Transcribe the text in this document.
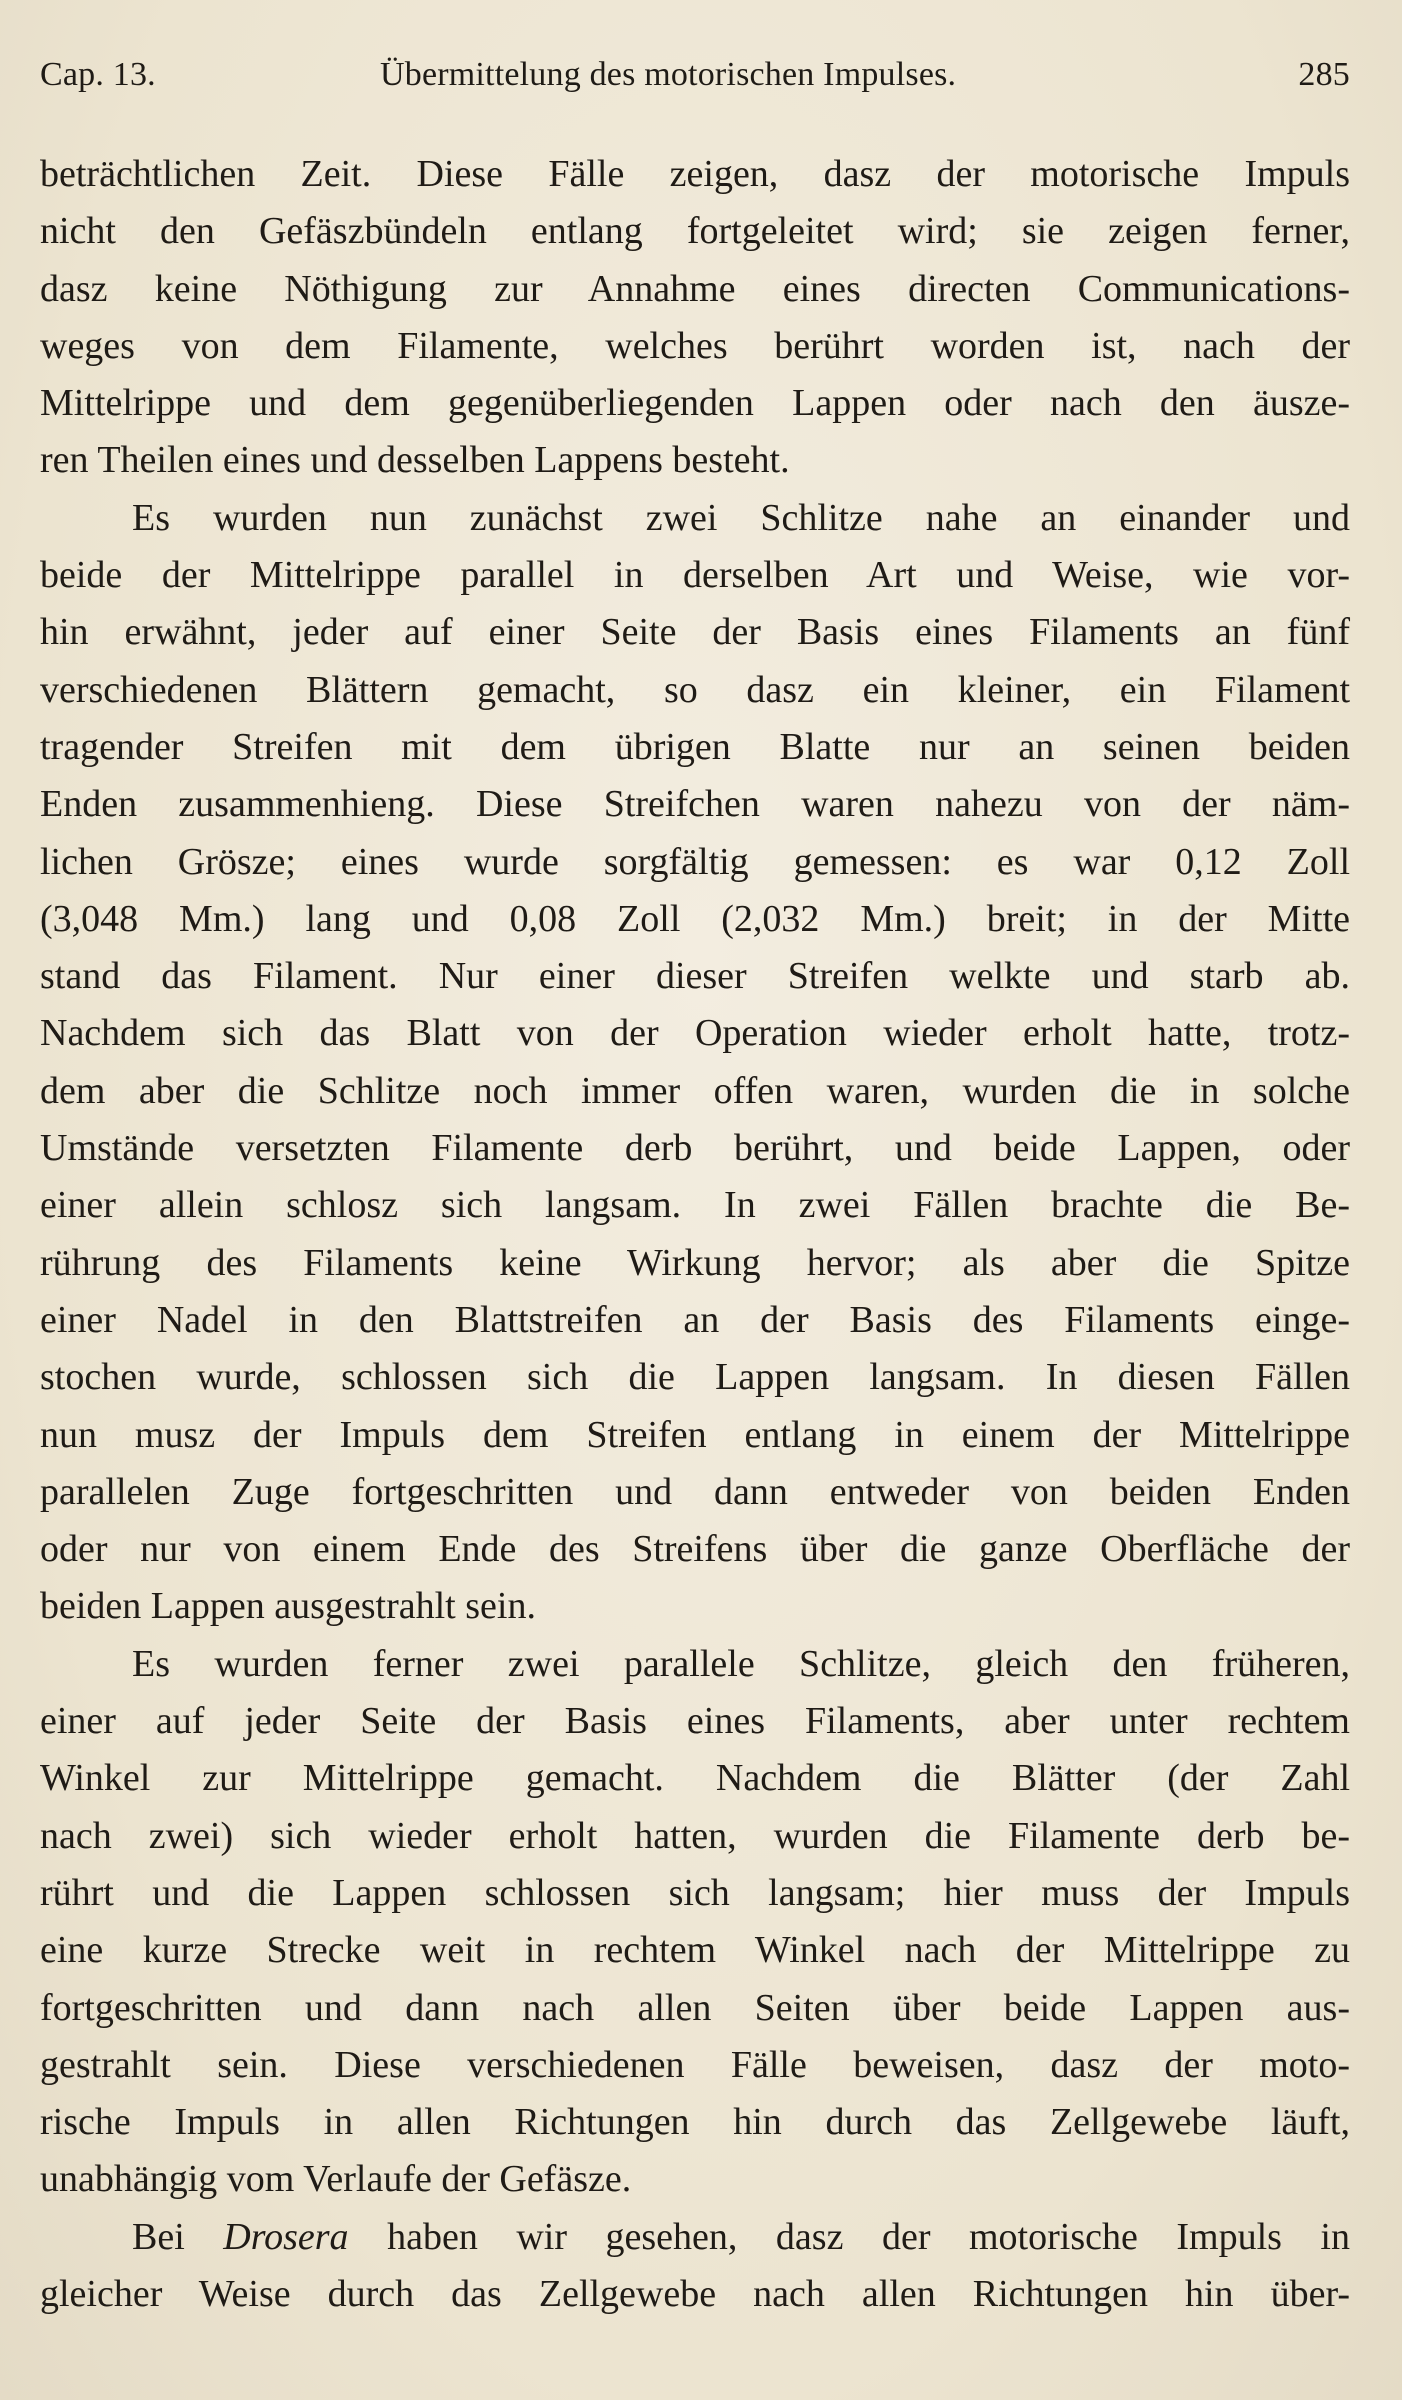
Cap. 13.	Übermittelung des motorischen Impulses.	285
beträchtlichen Zeit. Diese Fälle zeigen, dasz der motorische Impuls
nicht den Gefäszbündeln entlang fortgeleitet wird; sie zeigen ferner,
dasz keine Nöthigung zur Annahme eines directen Communications-
weges von dem Filamente, welches berührt worden ist, nach der
Mittelrippe und dem gegenüberliegenden Lappen oder nach den äusze-
ren Theilen eines und desselben Lappens besteht.
Es wurden nun zunächst zwei Schlitze nahe an einander und
beide der Mittelrippe parallel in derselben Art und Weise, wie vor-
hin erwähnt, jeder auf einer Seite der Basis eines Filaments an fünf
verschiedenen Blättern gemacht, so dasz ein kleiner, ein Filament
tragender Streifen mit dem übrigen Blatte nur an seinen beiden
Enden zusammenhieng. Diese Streifchen waren nahezu von der näm-
lichen Grösze; eines wurde sorgfältig gemessen: es war 0,12 Zoll
(3,048 Mm.) lang und 0,08 Zoll (2,032 Mm.) breit; in der Mitte
stand das Filament. Nur einer dieser Streifen welkte und starb ab.
Nachdem sich das Blatt von der Operation wieder erholt hatte, trotz-
dem aber die Schlitze noch immer offen waren, wurden die in solche
Umstände versetzten Filamente derb berührt, und beide Lappen, oder
einer allein schlosz sich langsam. In zwei Fällen brachte die Be-
rührung des Filaments keine Wirkung hervor; als aber die Spitze
einer Nadel in den Blattstreifen an der Basis des Filaments einge-
stochen wurde, schlossen sich die Lappen langsam. In diesen Fällen
nun musz der Impuls dem Streifen entlang in einem der Mittelrippe
parallelen Zuge fortgeschritten und dann entweder von beiden Enden
oder nur von einem Ende des Streifens über die ganze Oberfläche der
beiden Lappen ausgestrahlt sein.
Es wurden ferner zwei parallele Schlitze, gleich den früheren,
einer auf jeder Seite der Basis eines Filaments, aber unter rechtem
Winkel zur Mittelrippe gemacht. Nachdem die Blätter (der Zahl
nach zwei) sich wieder erholt hatten, wurden die Filamente derb be-
rührt und die Lappen schlossen sich langsam; hier muss der Impuls
eine kurze Strecke weit in rechtem Winkel nach der Mittelrippe zu
fortgeschritten und dann nach allen Seiten über beide Lappen aus-
gestrahlt sein. Diese verschiedenen Fälle beweisen, dasz der moto-
rische Impuls in allen Richtungen hin durch das Zellgewebe läuft,
unabhängig vom Verlaufe der Gefäsze.
Bei Drosera haben wir gesehen, dasz der motorische Impuls in
gleicher Weise durch das Zellgewebe nach allen Richtungen hin über-
